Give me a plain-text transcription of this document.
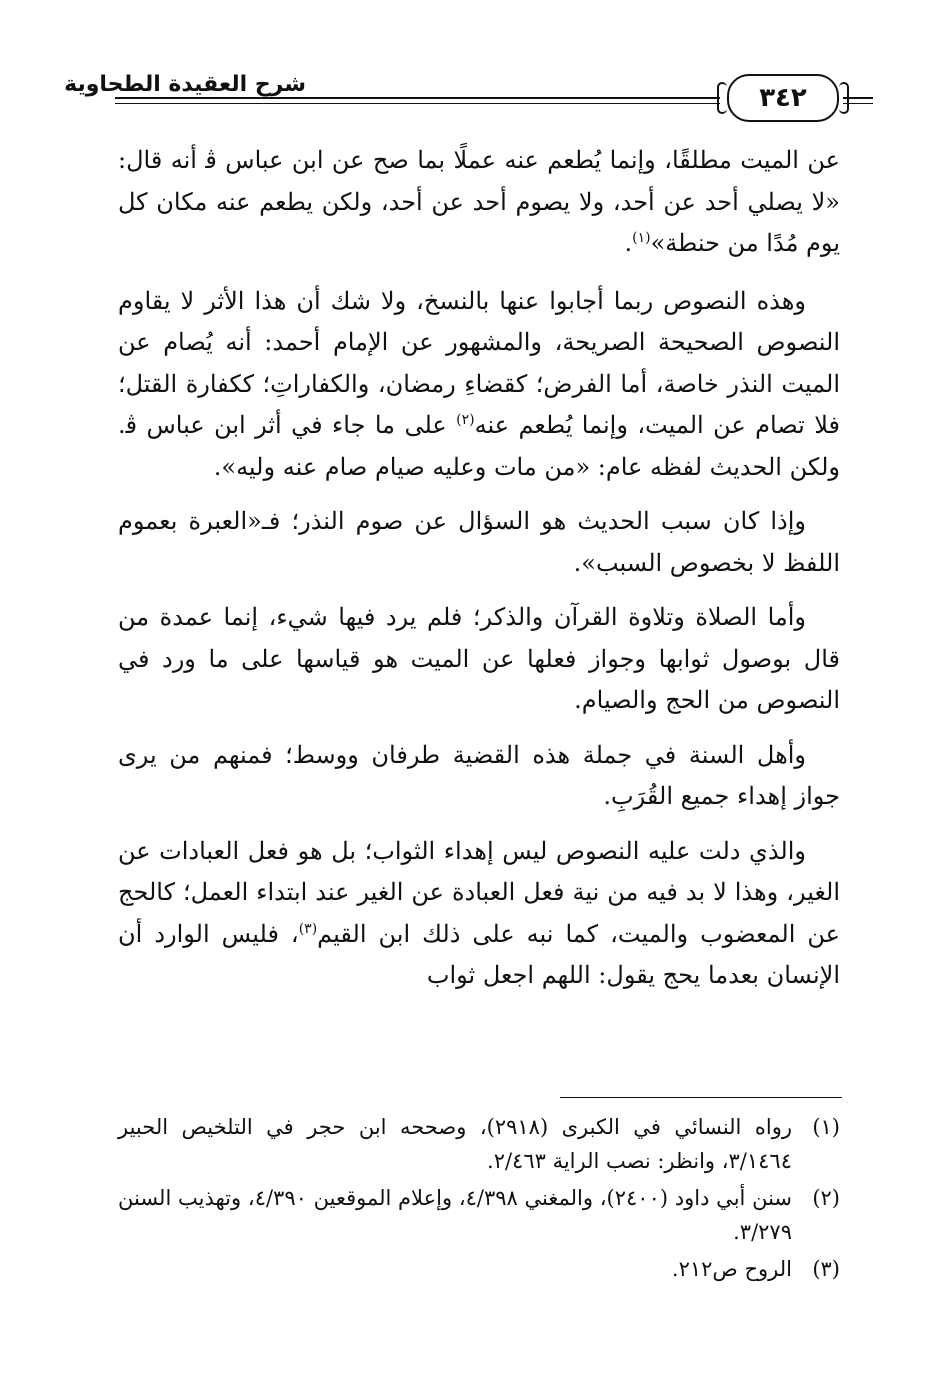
شرح العقيدة الطحاوية	٣٤٢

عن الميت مطلقًا، وإنما يُطعم عنه عملًا بما صح عن ابن عباس ﭬ أنه قال: «لا يصلي أحد عن أحد، ولا يصوم أحد عن أحد، ولكن يطعم عنه مكان كل يوم مُدًا من حنطة»$^{(١)}$.

وهذه النصوص ربما أجابوا عنها بالنسخ، ولا شك أن هذا الأثر لا يقاوم النصوص الصحيحة الصريحة، والمشهور عن الإمام أحمد: أنه يُصام عن الميت النذر خاصة، أما الفرض؛ كقضاءِ رمضان، والكفاراتِ؛ ككفارة القتل؛ فلا تصام عن الميت، وإنما يُطعم عنه$^{(٢)}$ على ما جاء في أثر ابن عباس ﭬ. ولكن الحديث لفظه عام: «من مات وعليه صيام صام عنه وليه».

وإذا كان سبب الحديث هو السؤال عن صوم النذر؛ فـ«العبرة بعموم اللفظ لا بخصوص السبب».

وأما الصلاة وتلاوة القرآن والذكر؛ فلم يرد فيها شيء، إنما عمدة من قال بوصول ثوابها وجواز فعلها عن الميت هو قياسها على ما ورد في النصوص من الحج والصيام.

وأهل السنة في جملة هذه القضية طرفان ووسط؛ فمنهم من يرى جواز إهداء جميع القُرَبِ.

والذي دلت عليه النصوص ليس إهداء الثواب؛ بل هو فعل العبادات عن الغير، وهذا لا بد فيه من نية فعل العبادة عن الغير عند ابتداء العمل؛ كالحج عن المعضوب والميت، كما نبه على ذلك ابن القيم$^{(٣)}$، فليس الوارد أن الإنسان بعدما يحج يقول: اللهم اجعل ثواب

(١)
رواه النسائي في الكبرى (٢٩١٨)، وصححه ابن حجر في التلخيص الحبير ٣/١٤٦٤، وانظر: نصب الراية ٢/٤٦٣.

(٢)
سنن أبي داود (٢٤٠٠)، والمغني ٤/٣٩٨، وإعلام الموقعين ٤/٣٩٠، وتهذيب السنن ٣/٢٧٩.

(٣)
الروح ص٢١٢.
